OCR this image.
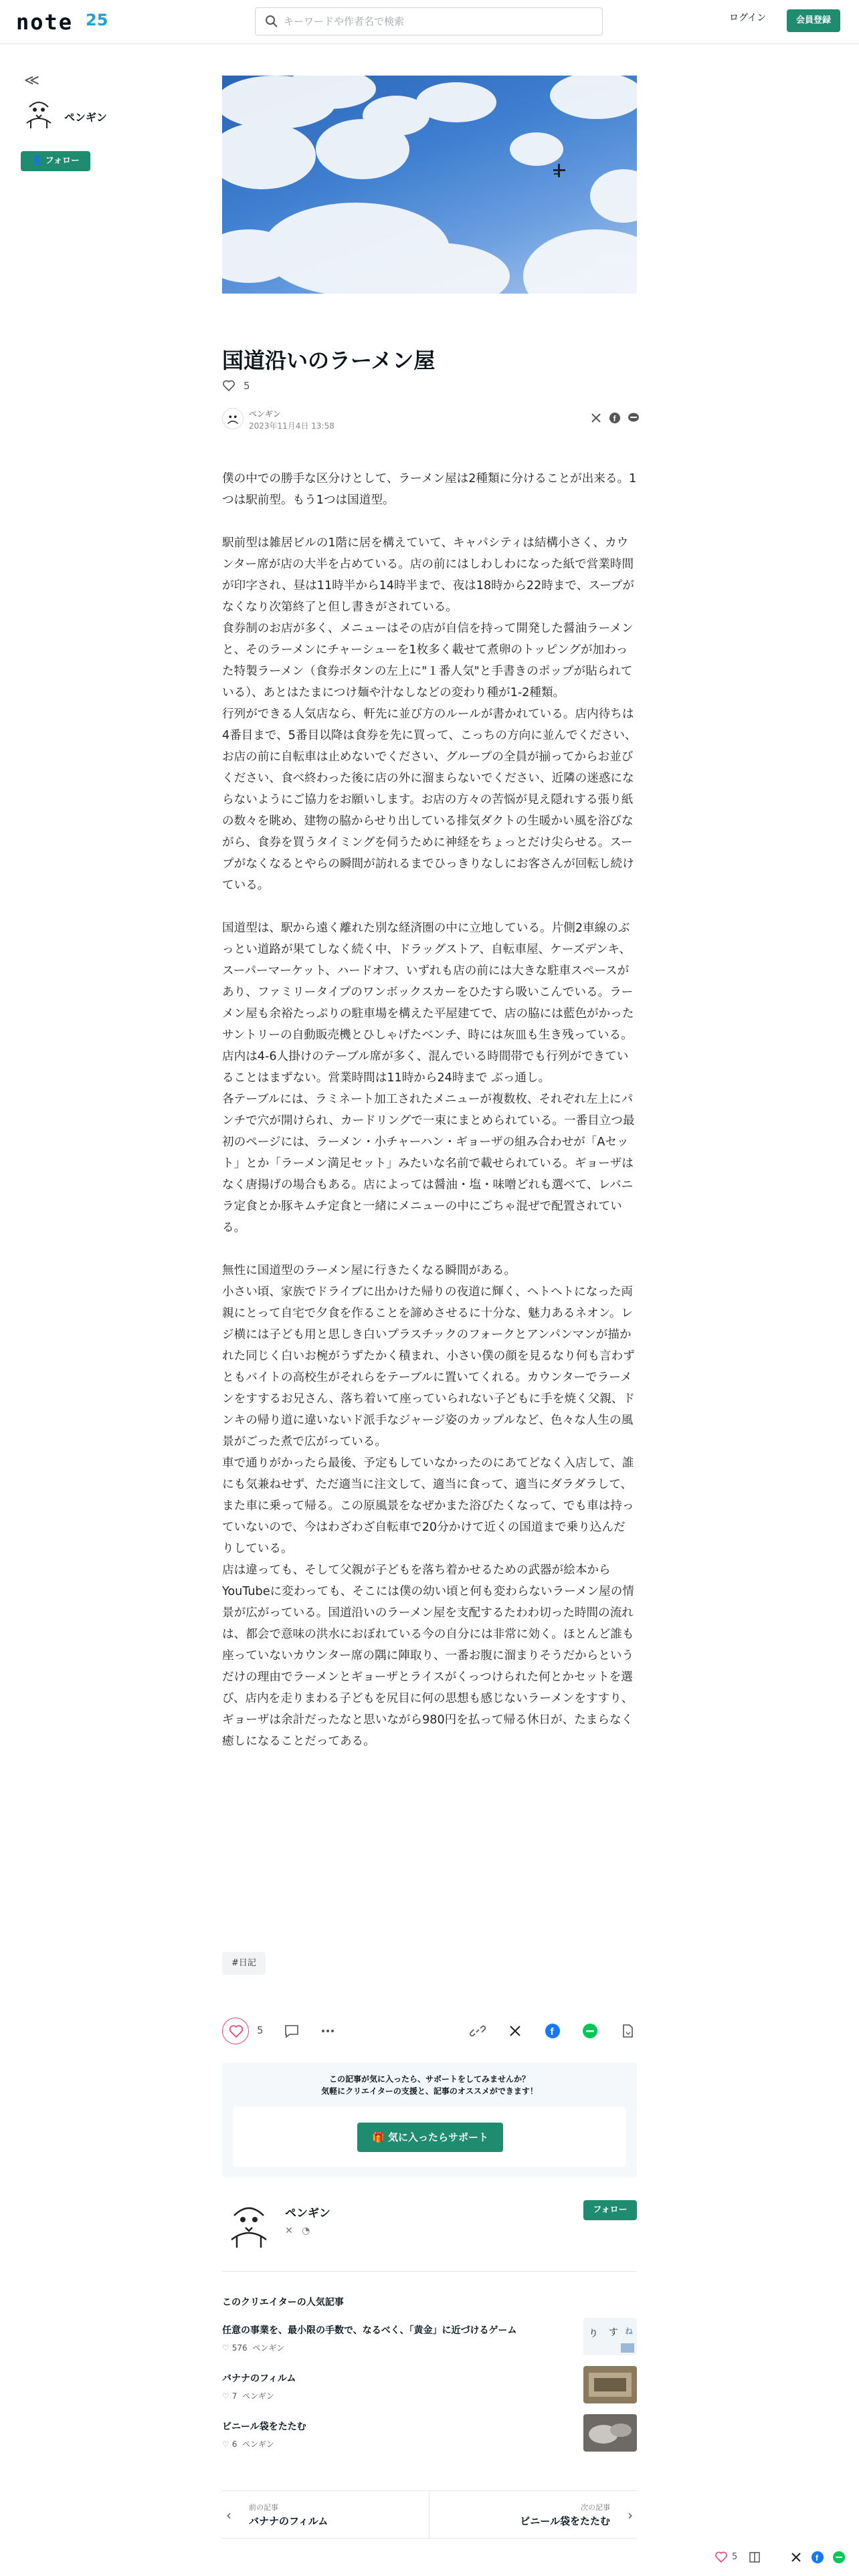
note 25
キーワードや作者名で検索	ログイン	会員登録
≪
ペンギン
👤 フォロー
国道沿いのラーメン屋
5
ペンギン
2023年11月4日 13:58
f

僕の中での勝手な区分けとして、ラーメン屋は2種類に分けることが出来る。1つは駅前型。もう1つは国道型。

駅前型は雑居ビルの1階に居を構えていて、キャパシティは結構小さく、カウンター席が店の大半を占めている。店の前にはしわしわになった紙で営業時間が印字され、昼は11時半から14時半まで、夜は18時から22時まで、スープがなくなり次第終了と但し書きがされている。

食券制のお店が多く、メニューはその店が自信を持って開発した醤油ラーメンと、そのラーメンにチャーシューを1枚多く載せて煮卵のトッピングが加わった特製ラーメン（食券ボタンの左上に"１番人気"と手書きのポップが貼られている）、あとはたまにつけ麺や汁なしなどの変わり種が1-2種類。

行列ができる人気店なら、軒先に並び方のルールが書かれている。店内待ちは4番目まで、5番目以降は食券を先に買って、こっちの方向に並んでください、お店の前に自転車は止めないでください、グループの全員が揃ってからお並びください、食べ終わった後に店の外に溜まらないでください、近隣の迷惑にならないようにご協力をお願いします。お店の方々の苦悩が見え隠れする張り紙の数々を眺め、建物の脇からせり出している排気ダクトの生暖かい風を浴びながら、食券を買うタイミングを伺うために神経をちょっとだけ尖らせる。スープがなくなるとやらの瞬間が訪れるまでひっきりなしにお客さんが回転し続けている。

国道型は、駅から遠く離れた別な経済圏の中に立地している。片側2車線のぶっとい道路が果てしなく続く中、ドラッグストア、自転車屋、ケーズデンキ、スーパーマーケット、ハードオフ、いずれも店の前には大きな駐車スペースがあり、ファミリータイプのワンボックスカーをひたすら吸いこんでいる。ラーメン屋も余裕たっぷりの駐車場を構えた平屋建てで、店の脇には藍色がかったサントリーの自動販売機とひしゃげたベンチ、時には灰皿も生き残っている。店内は4-6人掛けのテーブル席が多く、混んでいる時間帯でも行列ができていることはまずない。営業時間は11時から24時まで ぶっ通し。

各テーブルには、ラミネート加工されたメニューが複数枚、それぞれ左上にパンチで穴が開けられ、カードリングで一束にまとめられている。一番目立つ最初のページには、ラーメン・小チャーハン・ギョーザの組み合わせが「Aセット」とか「ラーメン満足セット」みたいな名前で載せられている。ギョーザはなく唐揚げの場合もある。店によっては醤油・塩・味噌どれも選べて、レバニラ定食とか豚キムチ定食と一緒にメニューの中にごちゃ混ぜで配置されている。

無性に国道型のラーメン屋に行きたくなる瞬間がある。

小さい頃、家族でドライブに出かけた帰りの夜道に輝く、ヘトヘトになった両親にとって自宅で夕食を作ることを諦めさせるに十分な、魅力あるネオン。レジ横には子ども用と思しき白いプラスチックのフォークとアンパンマンが描かれた同じく白いお椀がうずたかく積まれ、小さい僕の顔を見るなり何も言わずともバイトの高校生がそれらをテーブルに置いてくれる。カウンターでラーメンをすするお兄さん、落ち着いて座っていられない子どもに手を焼く父親、ドンキの帰り道に違いないド派手なジャージ姿のカップルなど、色々な人生の風景がごった煮で広がっている。

車で通りがかったら最後、予定もしていなかったのにあてどなく入店して、誰にも気兼ねせず、ただ適当に注文して、適当に食って、適当にダラダラして、また車に乗って帰る。この原風景をなぜかまた浴びたくなって、でも車は持っていないので、今はわざわざ自転車で20分かけて近くの国道まで乗り込んだりしている。

店は違っても、そして父親が子どもを落ち着かせるための武器が絵本からYouTubeに変わっても、そこには僕の幼い頃と何も変わらないラーメン屋の情景が広がっている。国道沿いのラーメン屋を支配するたわわ切った時間の流れは、都会で意味の洪水におぼれている今の自分には非常に効く。ほとんど誰も座っていないカウンター席の隅に陣取り、一番お腹に溜まりそうだからというだけの理由でラーメンとギョーザとライスがくっつけられた何とかセットを選び、店内を走りまわる子どもを尻目に何の思想も感じないラーメンをすすり、ギョーザは余計だったなと思いながら980円を払って帰る休日が、たまらなく癒しになることだってある。

#日記
5	f
この記事が気に入ったら、サポートをしてみませんか？
気軽にクリエイターの支援と、記事のオススメができます！
🎁 気に入ったらサポート
ペンギン
✕ ◔
フォロー
このクリエイターの人気記事
任意の事業を、最小限の手数で、なるべく、「黄金」に近づけるゲーム
♡ 576 ペンギン
り す ね
バナナのフィルム
♡ 7 ペンギン
ビニール袋をたたむ
♡ 6 ペンギン
‹ 前の記事
バナナのフィルム
次の記事
ビニール袋をたたむ ›
5	f
